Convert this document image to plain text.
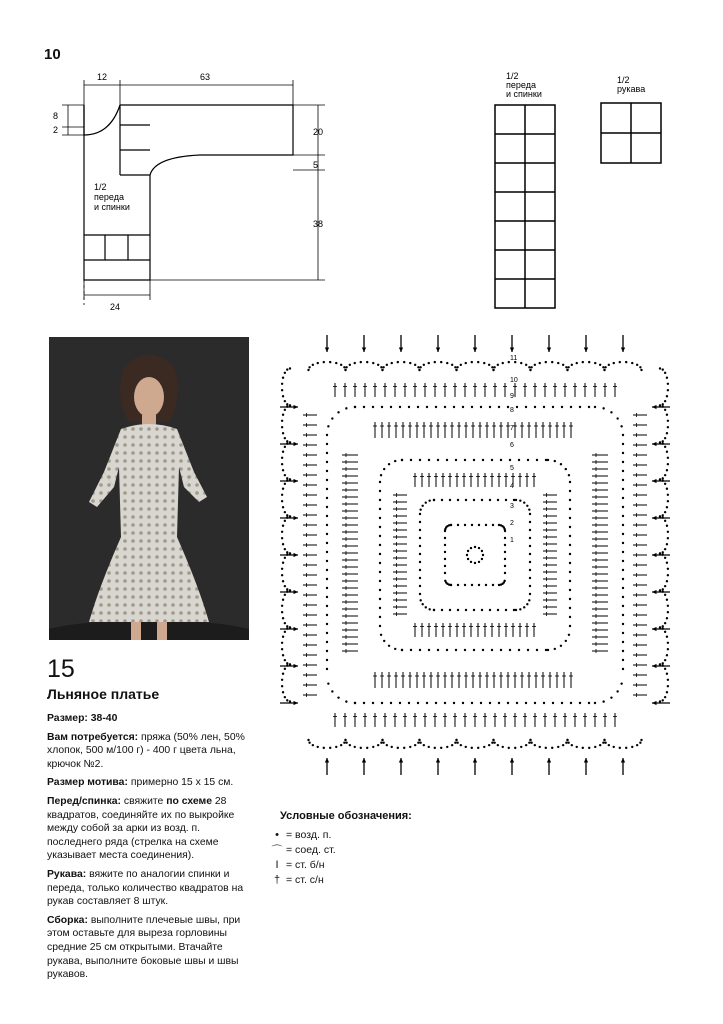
10
12	63
8
2	20
5
38
24
1/2
переда
и спинки
1/2
переда
и спинки
1/2
рукава
11
10
9
8
7
6
5
4
3
2
1
15
Льняное платье

Размер: 38-40

Вам потребуется: пряжа (50% лен, 50% хлопок, 500 м/100 г) - 400 г цвета льна, крючок №2.

Размер мотива: примерно 15 х 15 см.

Перед/спинка: свяжите по схеме 28 квадратов, соединяйте их по выкройке между собой за арки из возд. п. последнего ряда (стрелка на схеме указывает места соединения).

Рукава: вяжите по аналогии спинки и переда, только количество квадратов на рукав составляет 8 штук.

Сборка: выполните плечевые швы, при этом оставьте для выреза горловины средние 25 см открытыми. Втачайте рукава, выполните боковые швы и швы рукавов.

Условные обозначения:
• = возд. п.
⌒ = соед. ст.
I = ст. б/н
† = ст. с/н
